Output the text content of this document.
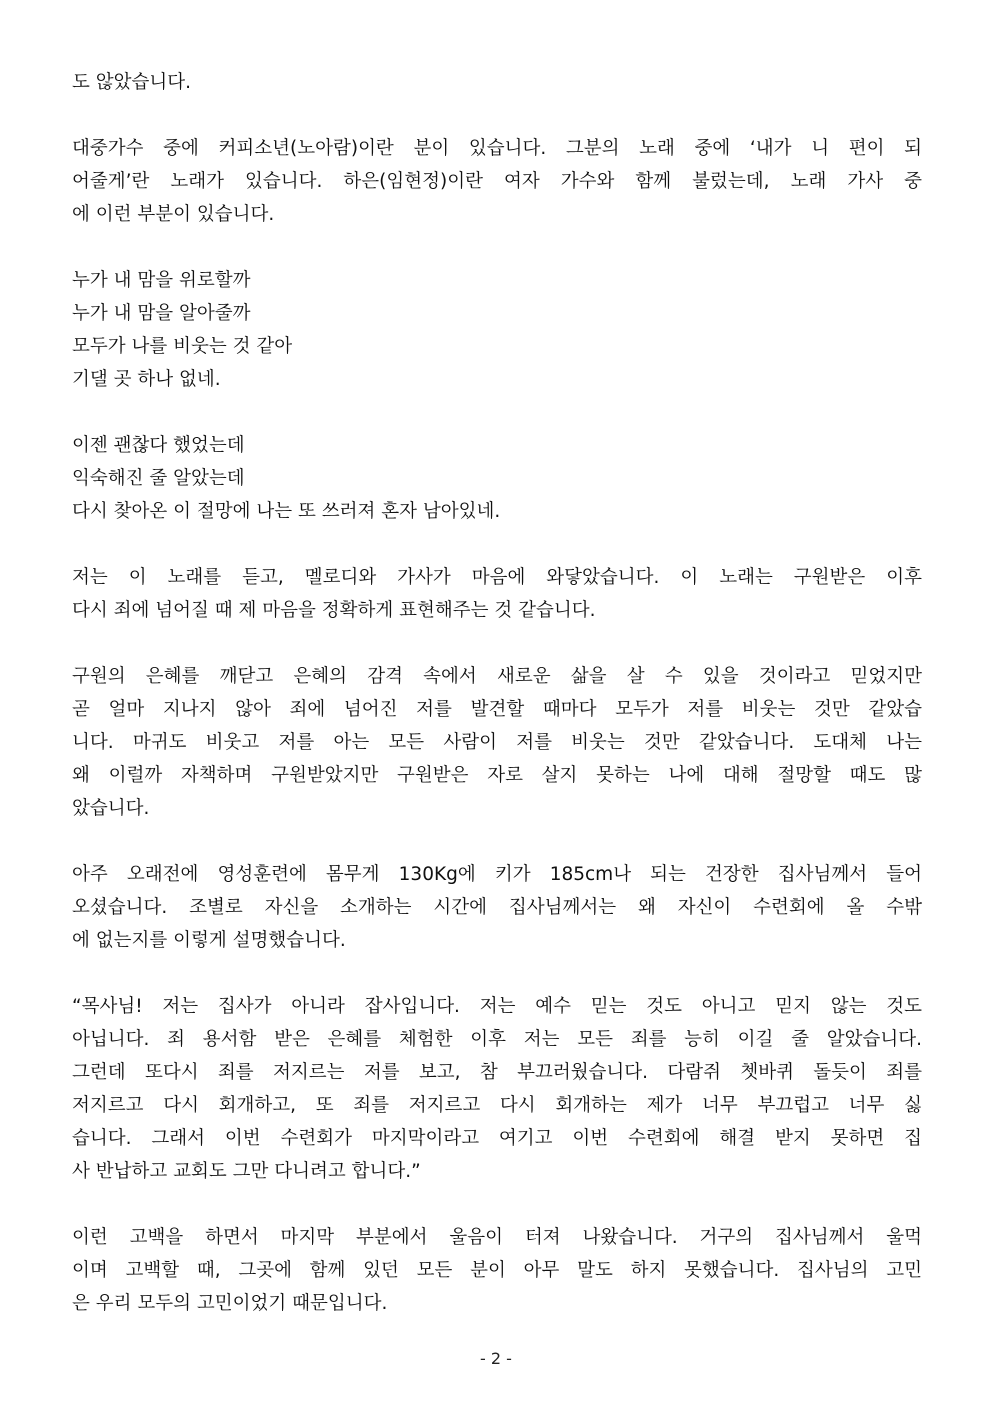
도 않았습니다.
대중가수 중에 커피소년(노아람)이란 분이 있습니다. 그분의 노래 중에 ‘내가 니 편이 되
어줄게’란 노래가 있습니다. 하은(임현정)이란 여자 가수와 함께 불렀는데, 노래 가사 중
에 이런 부분이 있습니다.
누가 내 맘을 위로할까
누가 내 맘을 알아줄까
모두가 나를 비웃는 것 같아
기댈 곳 하나 없네.
이젠 괜찮다 했었는데
익숙해진 줄 알았는데
다시 찾아온 이 절망에 나는 또 쓰러져 혼자 남아있네.
저는 이 노래를 듣고, 멜로디와 가사가 마음에 와닿았습니다. 이 노래는 구원받은 이후
다시 죄에 넘어질 때 제 마음을 정확하게 표현해주는 것 같습니다.
구원의 은혜를 깨닫고 은혜의 감격 속에서 새로운 삶을 살 수 있을 것이라고 믿었지만
곧 얼마 지나지 않아 죄에 넘어진 저를 발견할 때마다 모두가 저를 비웃는 것만 같았습
니다. 마귀도 비웃고 저를 아는 모든 사람이 저를 비웃는 것만 같았습니다. 도대체 나는
왜 이럴까 자책하며 구원받았지만 구원받은 자로 살지 못하는 나에 대해 절망할 때도 많
았습니다.
아주 오래전에 영성훈련에 몸무게 130Kg에 키가 185cm나 되는 건장한 집사님께서 들어
오셨습니다. 조별로 자신을 소개하는 시간에 집사님께서는 왜 자신이 수련회에 올 수밖
에 없는지를 이렇게 설명했습니다.
“목사님! 저는 집사가 아니라 잡사입니다. 저는 예수 믿는 것도 아니고 믿지 않는 것도
아닙니다. 죄 용서함 받은 은혜를 체험한 이후 저는 모든 죄를 능히 이길 줄 알았습니다.
그런데 또다시 죄를 저지르는 저를 보고, 참 부끄러웠습니다. 다람쥐 쳇바퀴 돌듯이 죄를
저지르고 다시 회개하고, 또 죄를 저지르고 다시 회개하는 제가 너무 부끄럽고 너무 싫
습니다. 그래서 이번 수련회가 마지막이라고 여기고 이번 수련회에 해결 받지 못하면 집
사 반납하고 교회도 그만 다니려고 합니다.”
이런 고백을 하면서 마지막 부분에서 울음이 터져 나왔습니다. 거구의 집사님께서 울먹
이며 고백할 때, 그곳에 함께 있던 모든 분이 아무 말도 하지 못했습니다. 집사님의 고민
은 우리 모두의 고민이었기 때문입니다.
- 2 -
